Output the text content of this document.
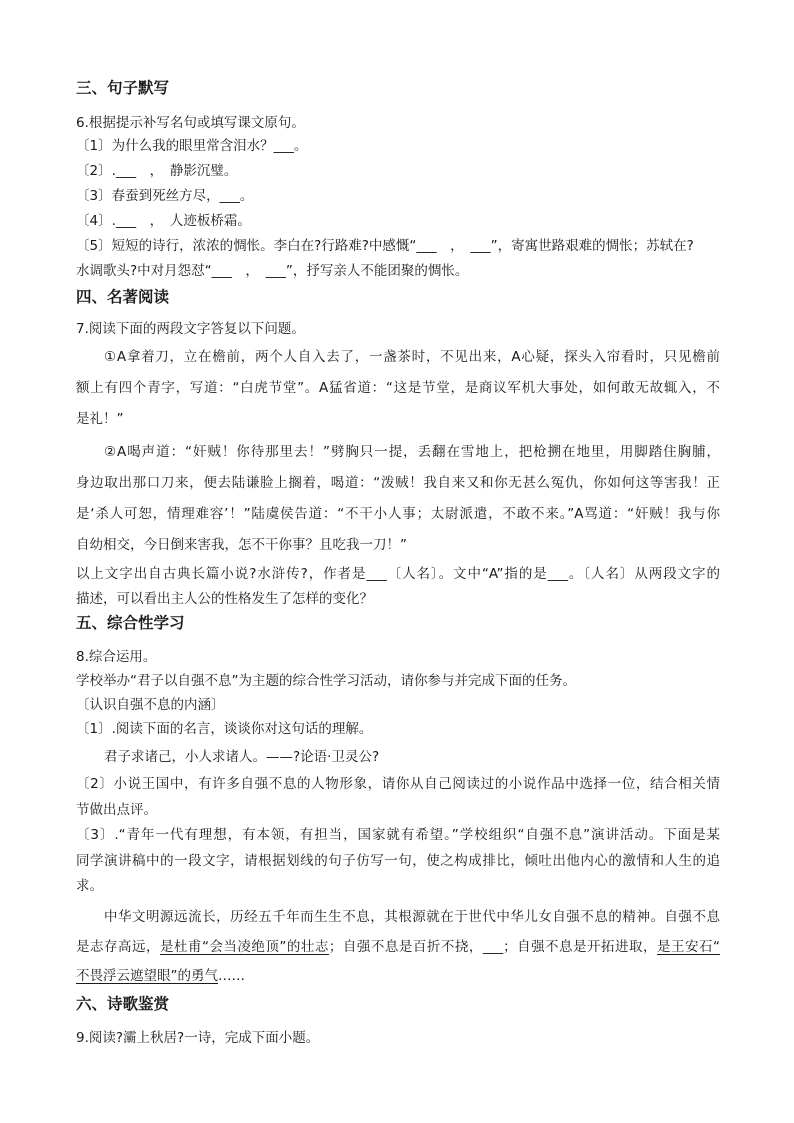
三、句子默写
6.根据提示补写名句或填写课文原句。
〔1〕为什么我的眼里常含泪水？___。
〔2〕.___　，　静影沉璧。
〔3〕春蚕到死丝方尽，___。
〔4〕.___　，　人迹板桥霜。
〔5〕短短的诗行，浓浓的惆怅。李白在?行路难?中感慨“___　，　___”，寄寓世路艰难的惆怅；苏轼在?
水调歌头?中对月怨怼“___　，　___”，抒写亲人不能团聚的惆怅。
四、名著阅读
7.阅读下面的两段文字答复以下问题。
①A拿着刀，立在檐前，两个人自入去了，一盏茶时，不见出来，A心疑，探头入帘看时，只见檐前
额上有四个青字，写道：“白虎节堂”。A猛省道：“这是节堂，是商议军机大事处，如何敢无故辄入，不
是礼！”
②A喝声道：“奸贼！你待那里去！”劈胸只一提，丢翻在雪地上，把枪搠在地里，用脚踏住胸脯，
身边取出那口刀来，便去陆谦脸上搁着，喝道：“泼贼！我自来又和你无甚么冤仇，你如何这等害我！正
是‘杀人可恕，情理难容’！”陆虞侯告道：“不干小人事；太尉派遣，不敢不来。”A骂道：“奸贼！我与你
自幼相交，今日倒来害我，怎不干你事？且吃我一刀！”
以上文字出自古典长篇小说?水浒传?，作者是___〔人名〕。文中“A”指的是___。〔人名〕从两段文字的
描述，可以看出主人公的性格发生了怎样的变化？
五、综合性学习
8.综合运用。
学校举办“君子以自强不息”为主题的综合性学习活动，请你参与并完成下面的任务。
〔认识自强不息的内涵〕
〔1〕.阅读下面的名言，谈谈你对这句话的理解。
君子求诸己，小人求诸人。——?论语·卫灵公?
〔2〕小说王国中，有许多自强不息的人物形象，请你从自己阅读过的小说作品中选择一位，结合相关情
节做出点评。
〔3〕.“青年一代有理想，有本领，有担当，国家就有希望。”学校组织“自强不息”演讲活动。下面是某
同学演讲稿中的一段文字，请根据划线的句子仿写一句，使之构成排比，倾吐出他内心的激情和人生的追
求。
中华文明源远流长，历经五千年而生生不息，其根源就在于世代中华儿女自强不息的精神。自强不息
是志存高远，是杜甫“会当凌绝顶”的壮志；自强不息是百折不挠，___；自强不息是开拓进取，是王安石“
不畏浮云遮望眼”的勇气……
六、诗歌鉴赏
9.阅读?灞上秋居?一诗，完成下面小题。
